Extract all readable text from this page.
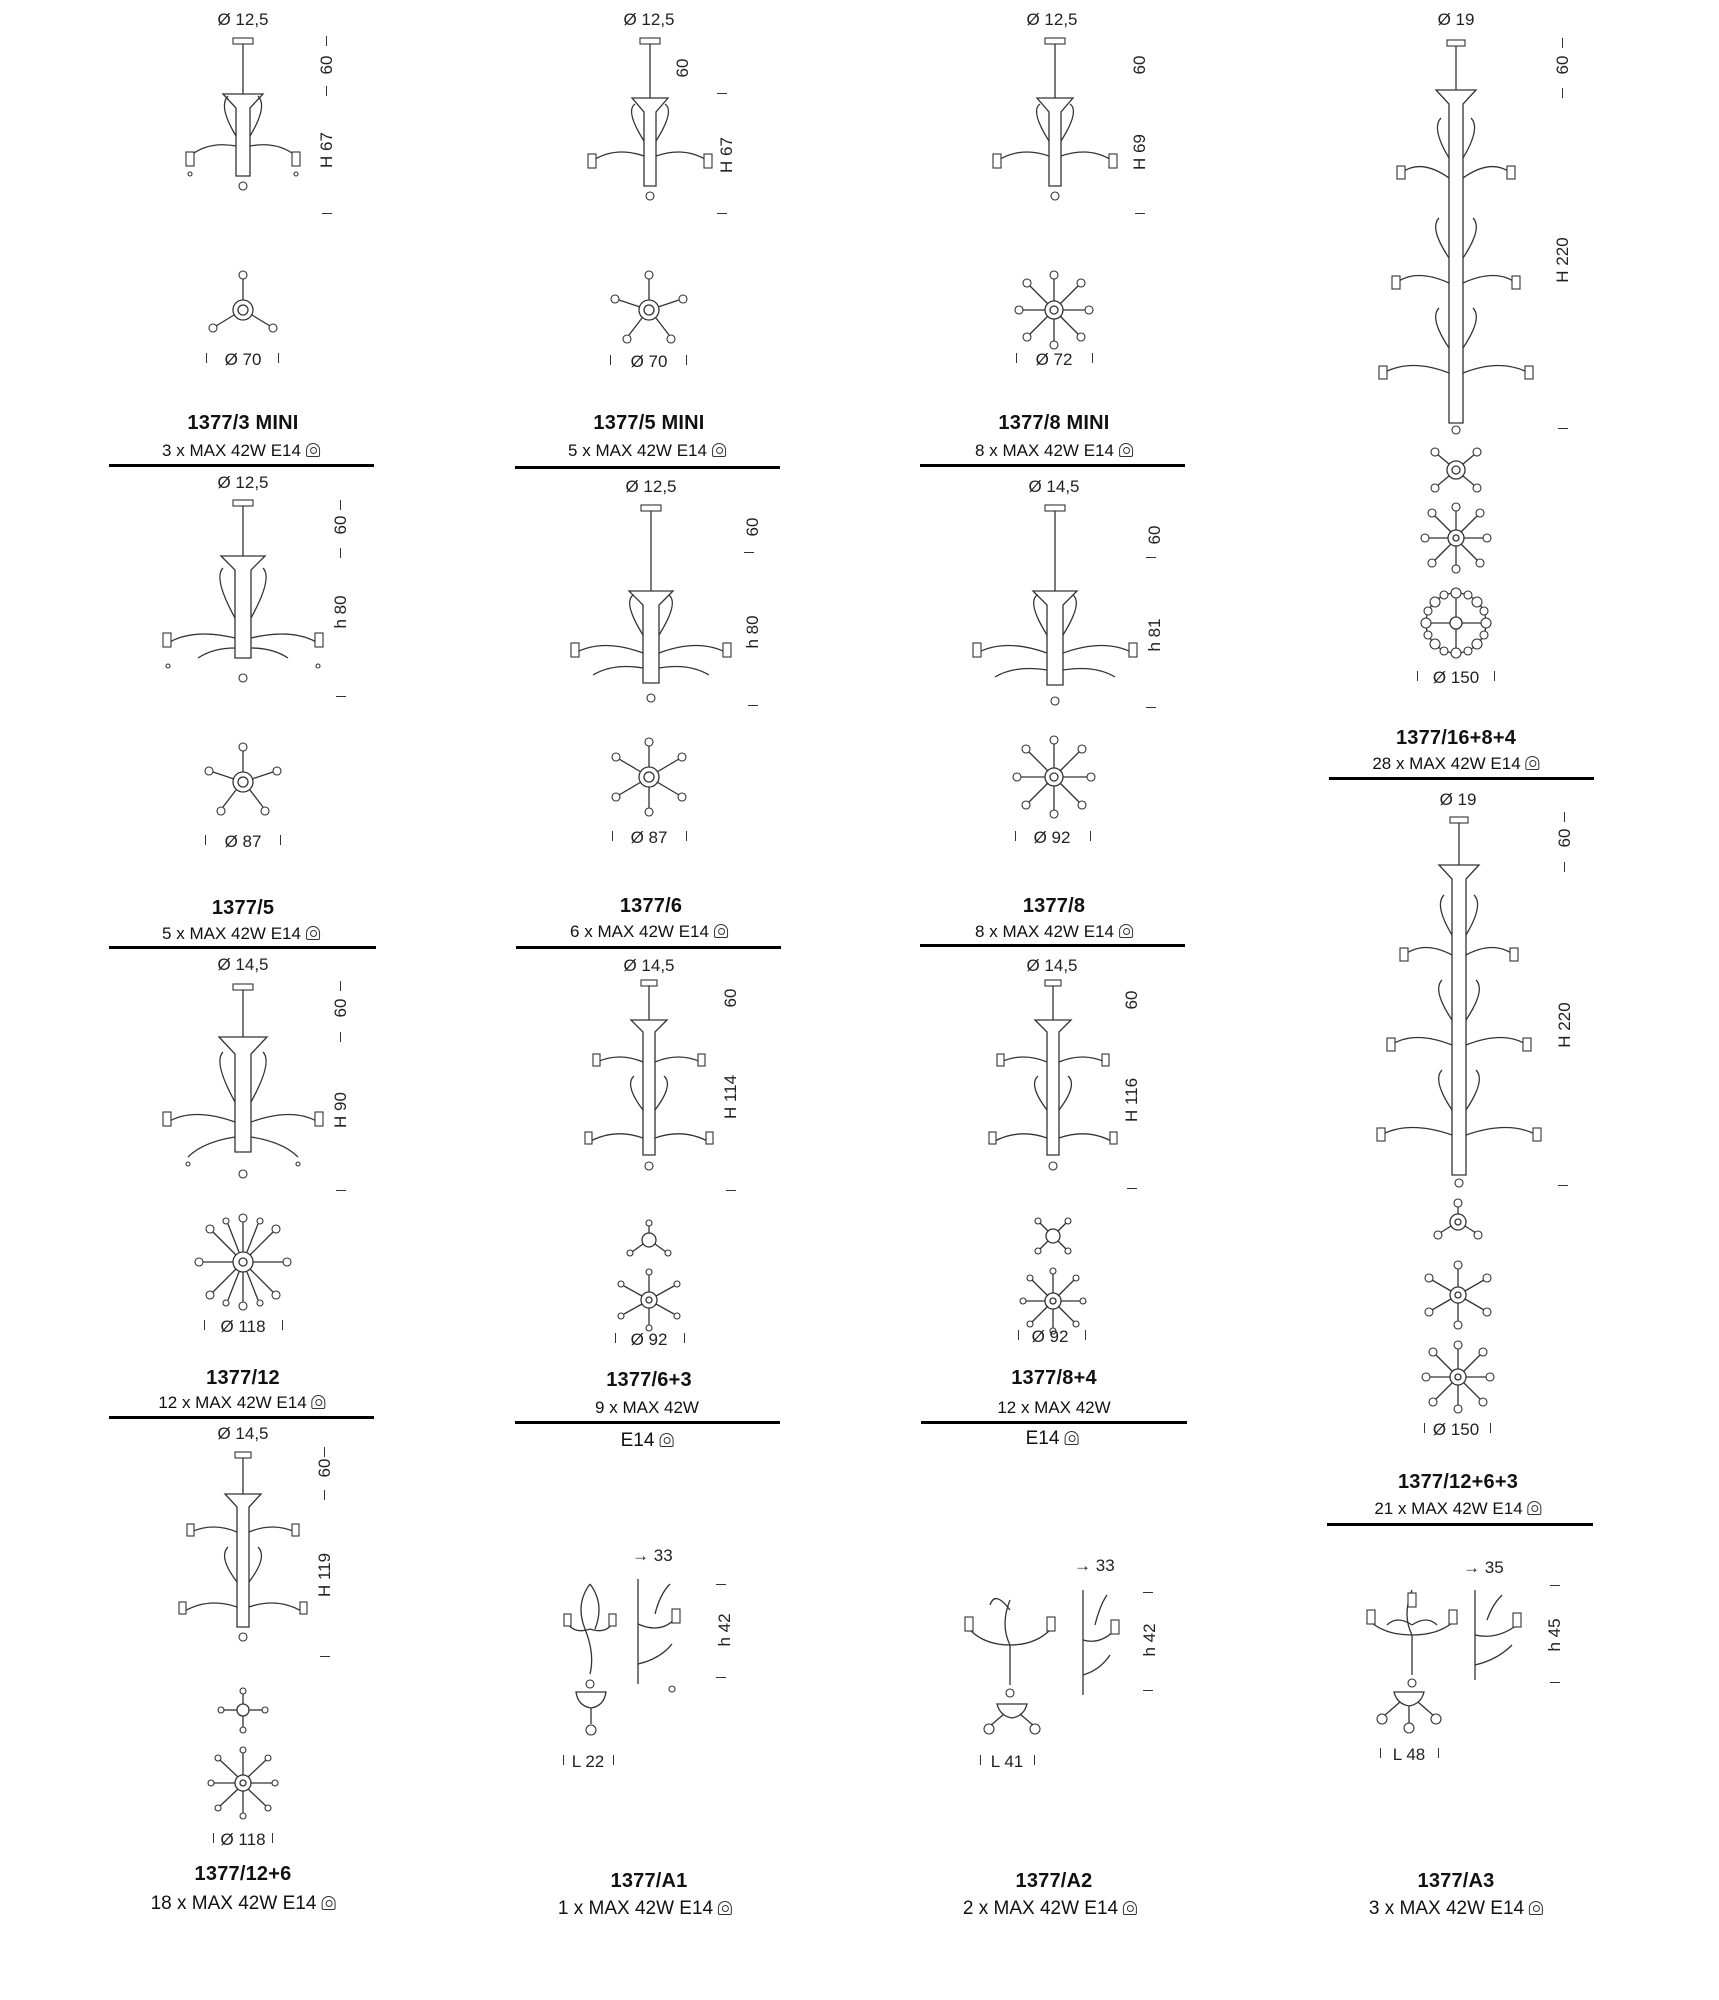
Ø 12,5
60
H 67
Ø 70
1377/3 MINI
3 x MAX 42W E14
Ø 12,5
60
h 80
Ø 87
1377/5
5 x MAX 42W E14
Ø 14,5
60
H 90
Ø 118
1377/12
12 x MAX 42W E14
Ø 14,5
60
H 119
Ø 118
1377/12+6
18 x MAX 42W E14
Ø 12,5
60
H 67
Ø 70
1377/5 MINI
5 x MAX 42W E14
Ø 12,5
60
h 80
Ø 87
1377/6
6 x MAX 42W E14
Ø 14,5
60
H 114
Ø 92
1377/6+3
9 x MAX 42W
E14
→ 33
h 42
L 22
1377/A1
1 x MAX 42W E14
Ø 12,5
60
H 69
Ø 72
1377/8 MINI
8 x MAX 42W E14
Ø 14,5
60
h 81
Ø 92
1377/8
8 x MAX 42W E14
Ø 14,5
60
H 116
Ø 92
1377/8+4
12 x MAX 42W
E14
→ 33
h 42
L 41
1377/A2
2 x MAX 42W E14
Ø 19
60
H 220
Ø 150
1377/16+8+4
28 x MAX 42W E14
Ø 19
60
H 220
Ø 150
1377/12+6+3
21 x MAX 42W E14
→ 35
h 45
L 48
1377/A3
3 x MAX 42W E14
